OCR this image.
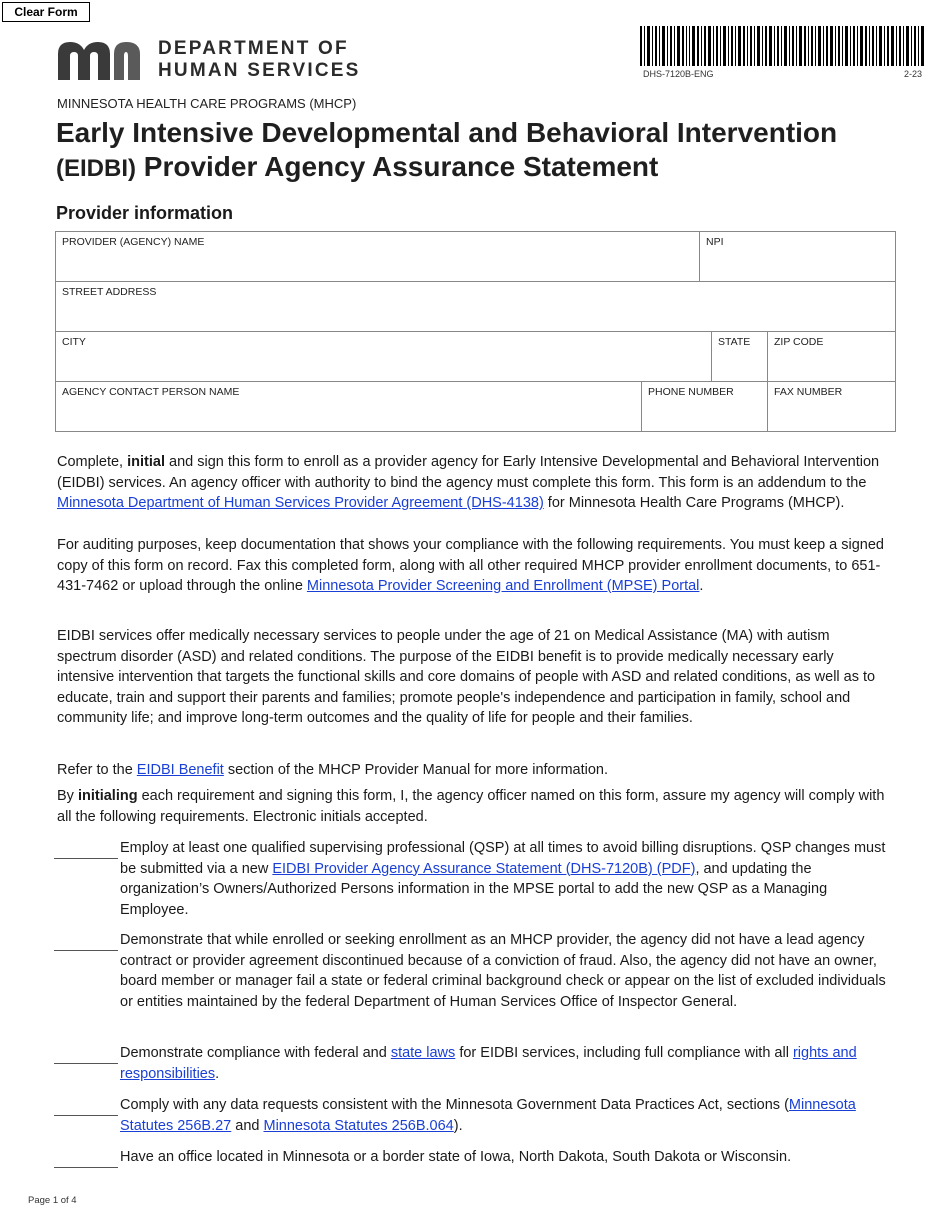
Clear Form
DEPARTMENT OF
HUMAN SERVICES	DHS-7120B-ENG	2-23
MINNESOTA HEALTH CARE PROGRAMS (MHCP)
Early Intensive Developmental and Behavioral Intervention
(EIDBI) Provider Agency Assurance Statement
Provider information
PROVIDER (AGENCY) NAME	NPI
STREET ADDRESS
CITY	STATE	ZIP CODE
AGENCY CONTACT PERSON NAME	PHONE NUMBER	FAX NUMBER

Complete, initial and sign this form to enroll as a provider agency for Early Intensive Developmental and Behavioral Intervention (EIDBI) services. An agency officer with authority to bind the agency must complete this form. This form is an addendum to the Minnesota Department of Human Services Provider Agreement (DHS-4138) for Minnesota Health Care Programs (MHCP).

For auditing purposes, keep documentation that shows your compliance with the following requirements. You must keep a signed copy of this form on record. Fax this completed form, along with all other required MHCP provider enrollment documents, to 651-431-7462 or upload through the online Minnesota Provider Screening and Enrollment (MPSE) Portal.

EIDBI services offer medically necessary services to people under the age of 21 on Medical Assistance (MA) with autism spectrum disorder (ASD) and related conditions. The purpose of the EIDBI benefit is to provide medically necessary early intensive intervention that targets the functional skills and core domains of people with ASD and related conditions, as well as to educate, train and support their parents and families; promote people's independence and participation in family, school and community life; and improve long-term outcomes and the quality of life for people and their families.

Refer to the EIDBI Benefit section of the MHCP Provider Manual for more information.

By initialing each requirement and signing this form, I, the agency officer named on this form, assure my agency will comply with all the following requirements. Electronic initials accepted.

Employ at least one qualified supervising professional (QSP) at all times to avoid billing disruptions. QSP changes must be submitted via a new EIDBI Provider Agency Assurance Statement (DHS-7120B) (PDF), and updating the organization’s Owners/Authorized Persons information in the MPSE portal to add the new QSP as a Managing Employee.

Demonstrate that while enrolled or seeking enrollment as an MHCP provider, the agency did not have a lead agency contract or provider agreement discontinued because of a conviction of fraud. Also, the agency did not have an owner, board member or manager fail a state or federal criminal background check or appear on the list of excluded individuals or entities maintained by the federal Department of Human Services Office of Inspector General.

Demonstrate compliance with federal and state laws for EIDBI services, including full compliance with all rights and responsibilities.

Comply with any data requests consistent with the Minnesota Government Data Practices Act, sections (Minnesota Statutes 256B.27 and Minnesota Statutes 256B.064).

Have an office located in Minnesota or a border state of Iowa, North Dakota, South Dakota or Wisconsin.

Page 1 of 4
